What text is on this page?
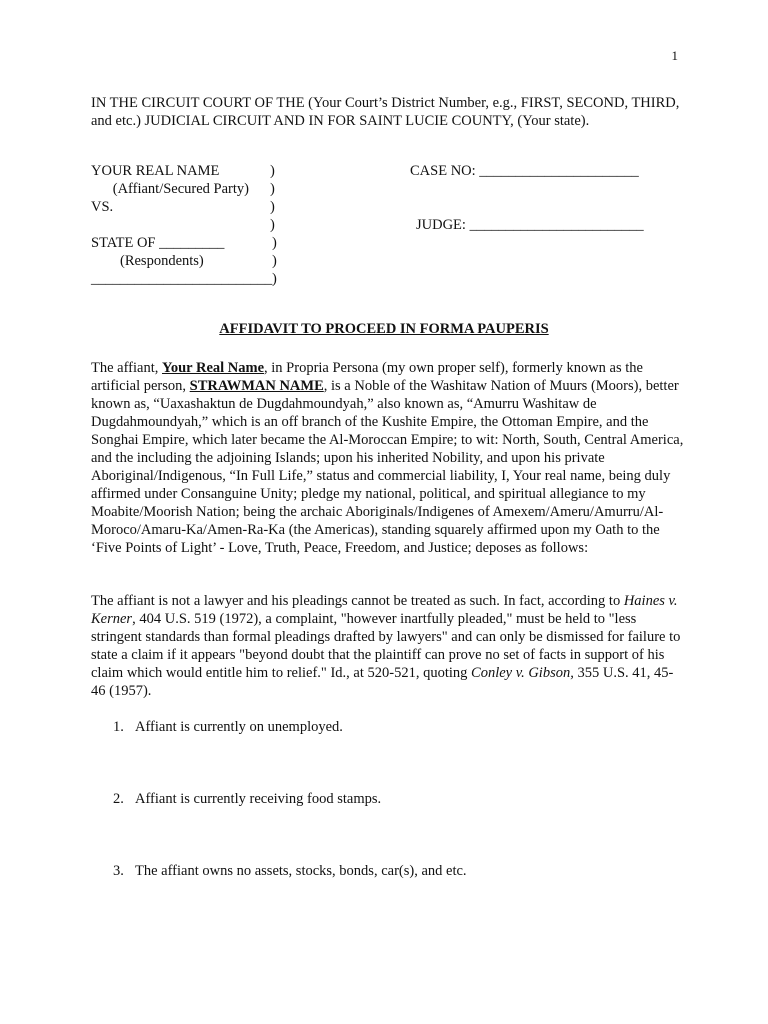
1
IN THE CIRCUIT COURT OF THE (Your Court’s District Number, e.g., FIRST, SECOND, THIRD, and etc.) JUDICIAL CIRCUIT AND IN FOR SAINT LUCIE COUNTY, (Your state).
YOUR REAL NAME
(Affiant/Secured Party)
VS.
STATE OF _________
(Respondents)
_________________________
)
)
)
)
)
)
)
CASE NO: ______________________
JUDGE: ________________________
AFFIDAVIT TO PROCEED IN FORMA PAUPERIS
The affiant, Your Real Name, in Propria Persona (my own proper self), formerly known as the artificial person, STRAWMAN NAME, is a Noble of the Washitaw Nation of Muurs (Moors), better known as, “Uaxashaktun de Dugdahmoundyah,” also known as, “Amurru Washitaw de Dugdahmoundyah,” which is an off branch of the Kushite Empire, the Ottoman Empire, and the Songhai Empire, which later became the Al-Moroccan Empire; to wit: North, South, Central America, and the including the adjoining Islands; upon his inherited Nobility, and upon his private Aboriginal/Indigenous, “In Full Life,” status and commercial liability, I, Your real name, being duly affirmed under Consanguine Unity; pledge my national, political, and spiritual allegiance to my Moabite/Moorish Nation; being the archaic Aboriginals/Indigenes of Amexem/Ameru/Amurru/Al-Moroco/Amaru-Ka/Amen-Ra-Ka (the Americas), standing squarely affirmed upon my Oath to the ‘Five Points of Light’ - Love, Truth, Peace, Freedom, and Justice; deposes as follows:
The affiant is not a lawyer and his pleadings cannot be treated as such. In fact, according to Haines v. Kerner, 404 U.S. 519 (1972), a complaint, "however inartfully pleaded," must be held to "less stringent standards than formal pleadings drafted by lawyers" and can only be dismissed for failure to state a claim if it appears "beyond doubt that the plaintiff can prove no set of facts in support of his claim which would entitle him to relief." Id., at 520-521, quoting Conley v. Gibson, 355 U.S. 41, 45-46 (1957).
1. Affiant is currently on unemployed.
2. Affiant is currently receiving food stamps.
3. The affiant owns no assets, stocks, bonds, car(s), and etc.
